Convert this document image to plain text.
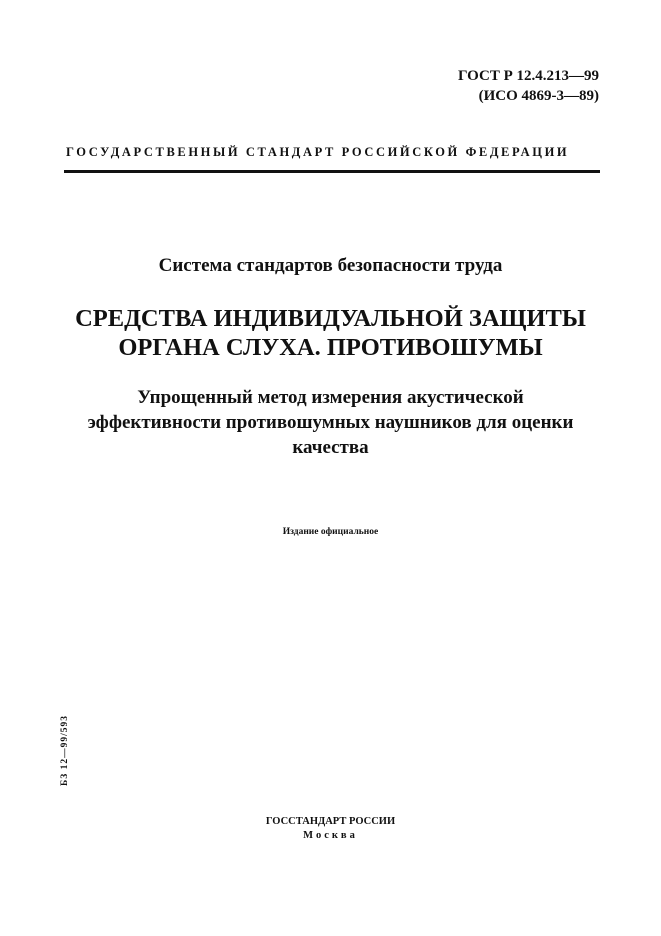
ГОСТ Р 12.4.213—99
(ИСО 4869-3—89)
ГОСУДАРСТВЕННЫЙ СТАНДАРТ РОССИЙСКОЙ ФЕДЕРАЦИИ
Система стандартов безопасности труда
СРЕДСТВА ИНДИВИДУАЛЬНОЙ ЗАЩИТЫ
ОРГАНА СЛУХА. ПРОТИВОШУМЫ
Упрощенный метод измерения акустической
эффективности противошумных наушников для оценки
качества
Издание официальное
БЗ 12—99/593
ГОССТАНДАРТ РОССИИ
Москва
